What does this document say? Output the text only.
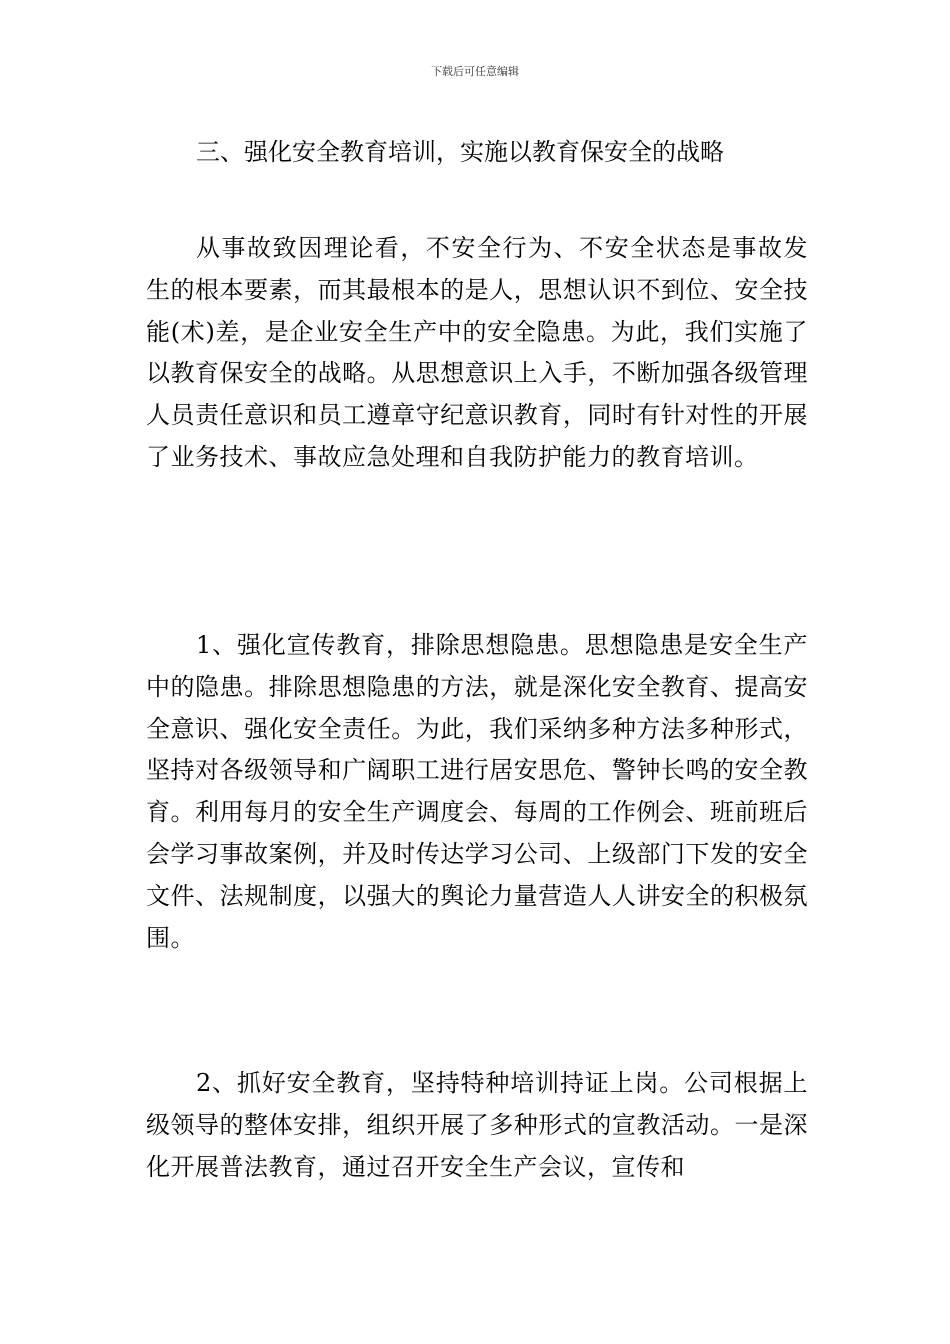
下载后可任意编辑
三、强化安全教育培训，实施以教育保安全的战略

从事故致因理论看，不安全行为、不安全状态是事故发生的根本要素，而其最根本的是人，思想认识不到位、安全技能(术)差，是企业安全生产中的安全隐患。为此，我们实施了以教育保安全的战略。从思想意识上入手，不断加强各级管理人员责任意识和员工遵章守纪意识教育，同时有针对性的开展了业务技术、事故应急处理和自我防护能力的教育培训。

1、强化宣传教育，排除思想隐患。思想隐患是安全生产中的隐患。排除思想隐患的方法，就是深化安全教育、提高安全意识、强化安全责任。为此，我们采纳多种方法多种形式，坚持对各级领导和广阔职工进行居安思危、警钟长鸣的安全教育。利用每月的安全生产调度会、每周的工作例会、班前班后会学习事故案例，并及时传达学习公司、上级部门下发的安全文件、法规制度，以强大的舆论力量营造人人讲安全的积极氛围。

2、抓好安全教育，坚持特种培训持证上岗。公司根据上级领导的整体安排，组织开展了多种形式的宣教活动。一是深化开展普法教育，通过召开安全生产会议，宣传和
